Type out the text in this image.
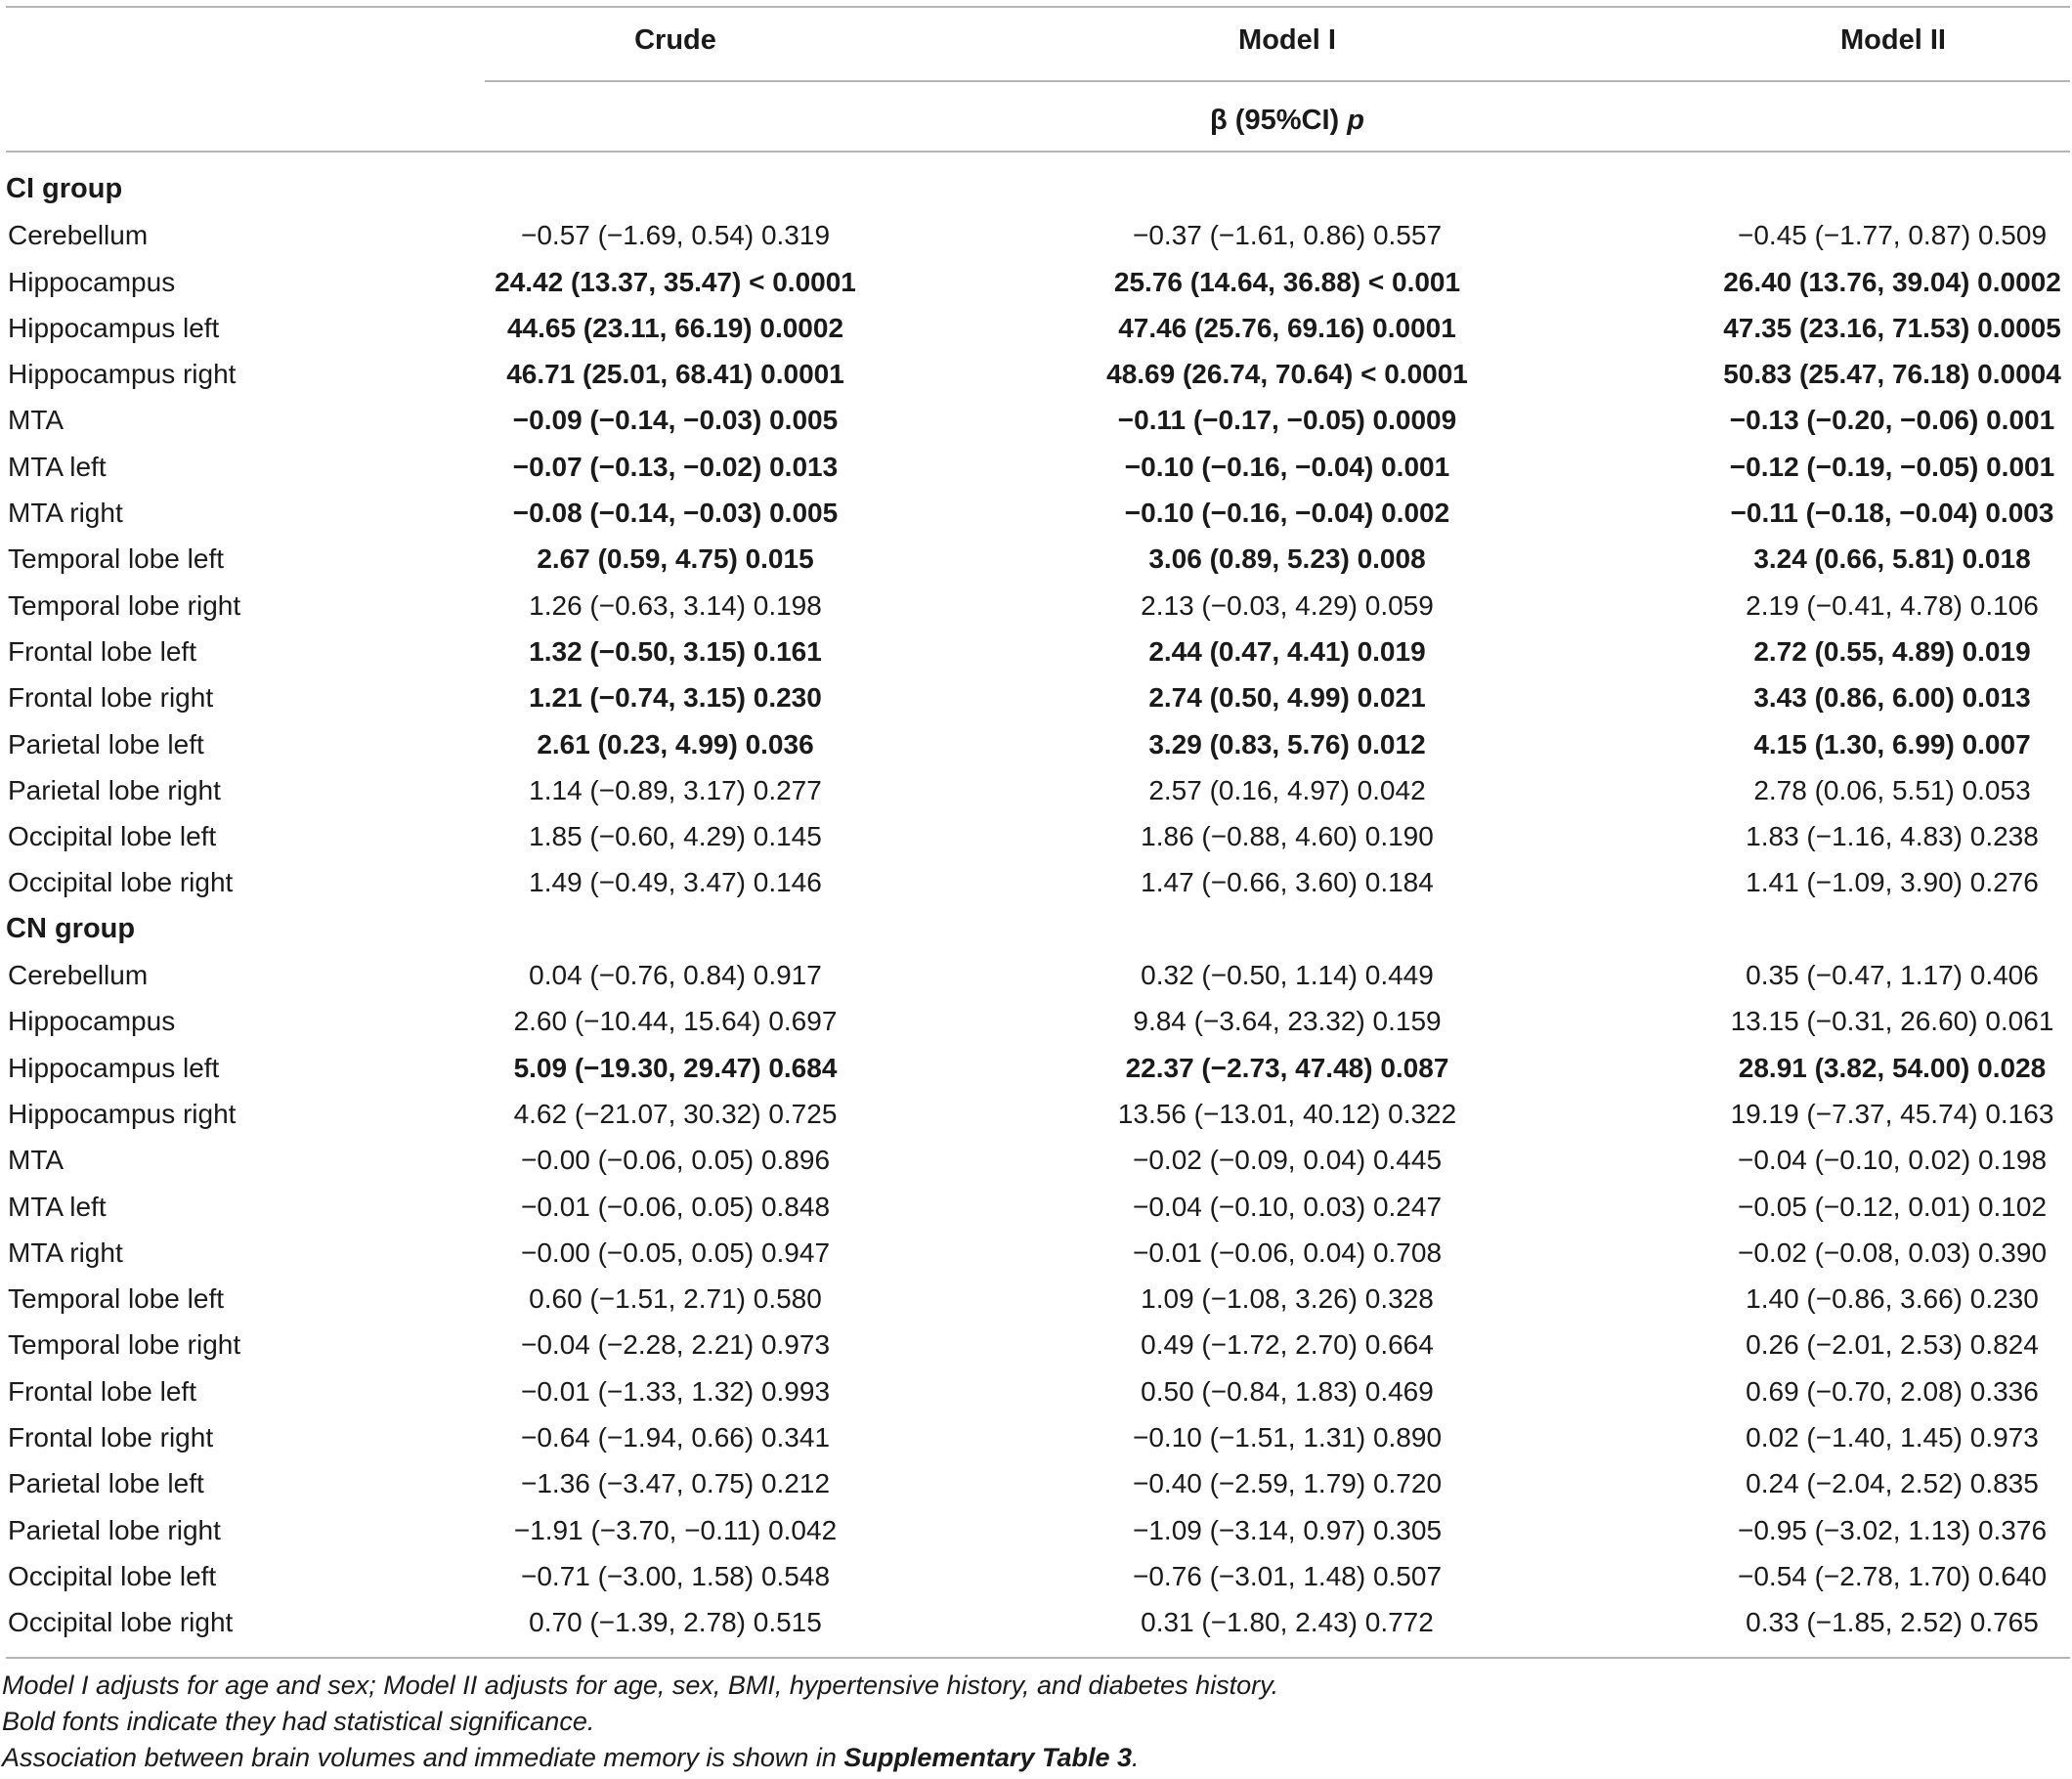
Crude	Model I	Model II
β (95%CI) p
CI group
Cerebellum	−0.57 (−1.69, 0.54) 0.319	−0.37 (−1.61, 0.86) 0.557	−0.45 (−1.77, 0.87) 0.509
Hippocampus	24.42 (13.37, 35.47) < 0.0001	25.76 (14.64, 36.88) < 0.001	26.40 (13.76, 39.04) 0.0002
Hippocampus left	44.65 (23.11, 66.19) 0.0002	47.46 (25.76, 69.16) 0.0001	47.35 (23.16, 71.53) 0.0005
Hippocampus right	46.71 (25.01, 68.41) 0.0001	48.69 (26.74, 70.64) < 0.0001	50.83 (25.47, 76.18) 0.0004
MTA	−0.09 (−0.14, −0.03) 0.005	−0.11 (−0.17, −0.05) 0.0009	−0.13 (−0.20, −0.06) 0.001
MTA left	−0.07 (−0.13, −0.02) 0.013	−0.10 (−0.16, −0.04) 0.001	−0.12 (−0.19, −0.05) 0.001
MTA right	−0.08 (−0.14, −0.03) 0.005	−0.10 (−0.16, −0.04) 0.002	−0.11 (−0.18, −0.04) 0.003
Temporal lobe left	2.67 (0.59, 4.75) 0.015	3.06 (0.89, 5.23) 0.008	3.24 (0.66, 5.81) 0.018
Temporal lobe right	1.26 (−0.63, 3.14) 0.198	2.13 (−0.03, 4.29) 0.059	2.19 (−0.41, 4.78) 0.106
Frontal lobe left	1.32 (−0.50, 3.15) 0.161	2.44 (0.47, 4.41) 0.019	2.72 (0.55, 4.89) 0.019
Frontal lobe right	1.21 (−0.74, 3.15) 0.230	2.74 (0.50, 4.99) 0.021	3.43 (0.86, 6.00) 0.013
Parietal lobe left	2.61 (0.23, 4.99) 0.036	3.29 (0.83, 5.76) 0.012	4.15 (1.30, 6.99) 0.007
Parietal lobe right	1.14 (−0.89, 3.17) 0.277	2.57 (0.16, 4.97) 0.042	2.78 (0.06, 5.51) 0.053
Occipital lobe left	1.85 (−0.60, 4.29) 0.145	1.86 (−0.88, 4.60) 0.190	1.83 (−1.16, 4.83) 0.238
Occipital lobe right	1.49 (−0.49, 3.47) 0.146	1.47 (−0.66, 3.60) 0.184	1.41 (−1.09, 3.90) 0.276
CN group
Cerebellum	0.04 (−0.76, 0.84) 0.917	0.32 (−0.50, 1.14) 0.449	0.35 (−0.47, 1.17) 0.406
Hippocampus	2.60 (−10.44, 15.64) 0.697	9.84 (−3.64, 23.32) 0.159	13.15 (−0.31, 26.60) 0.061
Hippocampus left	5.09 (−19.30, 29.47) 0.684	22.37 (−2.73, 47.48) 0.087	28.91 (3.82, 54.00) 0.028
Hippocampus right	4.62 (−21.07, 30.32) 0.725	13.56 (−13.01, 40.12) 0.322	19.19 (−7.37, 45.74) 0.163
MTA	−0.00 (−0.06, 0.05) 0.896	−0.02 (−0.09, 0.04) 0.445	−0.04 (−0.10, 0.02) 0.198
MTA left	−0.01 (−0.06, 0.05) 0.848	−0.04 (−0.10, 0.03) 0.247	−0.05 (−0.12, 0.01) 0.102
MTA right	−0.00 (−0.05, 0.05) 0.947	−0.01 (−0.06, 0.04) 0.708	−0.02 (−0.08, 0.03) 0.390
Temporal lobe left	0.60 (−1.51, 2.71) 0.580	1.09 (−1.08, 3.26) 0.328	1.40 (−0.86, 3.66) 0.230
Temporal lobe right	−0.04 (−2.28, 2.21) 0.973	0.49 (−1.72, 2.70) 0.664	0.26 (−2.01, 2.53) 0.824
Frontal lobe left	−0.01 (−1.33, 1.32) 0.993	0.50 (−0.84, 1.83) 0.469	0.69 (−0.70, 2.08) 0.336
Frontal lobe right	−0.64 (−1.94, 0.66) 0.341	−0.10 (−1.51, 1.31) 0.890	0.02 (−1.40, 1.45) 0.973
Parietal lobe left	−1.36 (−3.47, 0.75) 0.212	−0.40 (−2.59, 1.79) 0.720	0.24 (−2.04, 2.52) 0.835
Parietal lobe right	−1.91 (−3.70, −0.11) 0.042	−1.09 (−3.14, 0.97) 0.305	−0.95 (−3.02, 1.13) 0.376
Occipital lobe left	−0.71 (−3.00, 1.58) 0.548	−0.76 (−3.01, 1.48) 0.507	−0.54 (−2.78, 1.70) 0.640
Occipital lobe right	0.70 (−1.39, 2.78) 0.515	0.31 (−1.80, 2.43) 0.772	0.33 (−1.85, 2.52) 0.765
Model I adjusts for age and sex; Model II adjusts for age, sex, BMI, hypertensive history, and diabetes history.
Bold fonts indicate they had statistical significance.
Association between brain volumes and immediate memory is shown in Supplementary Table 3.
